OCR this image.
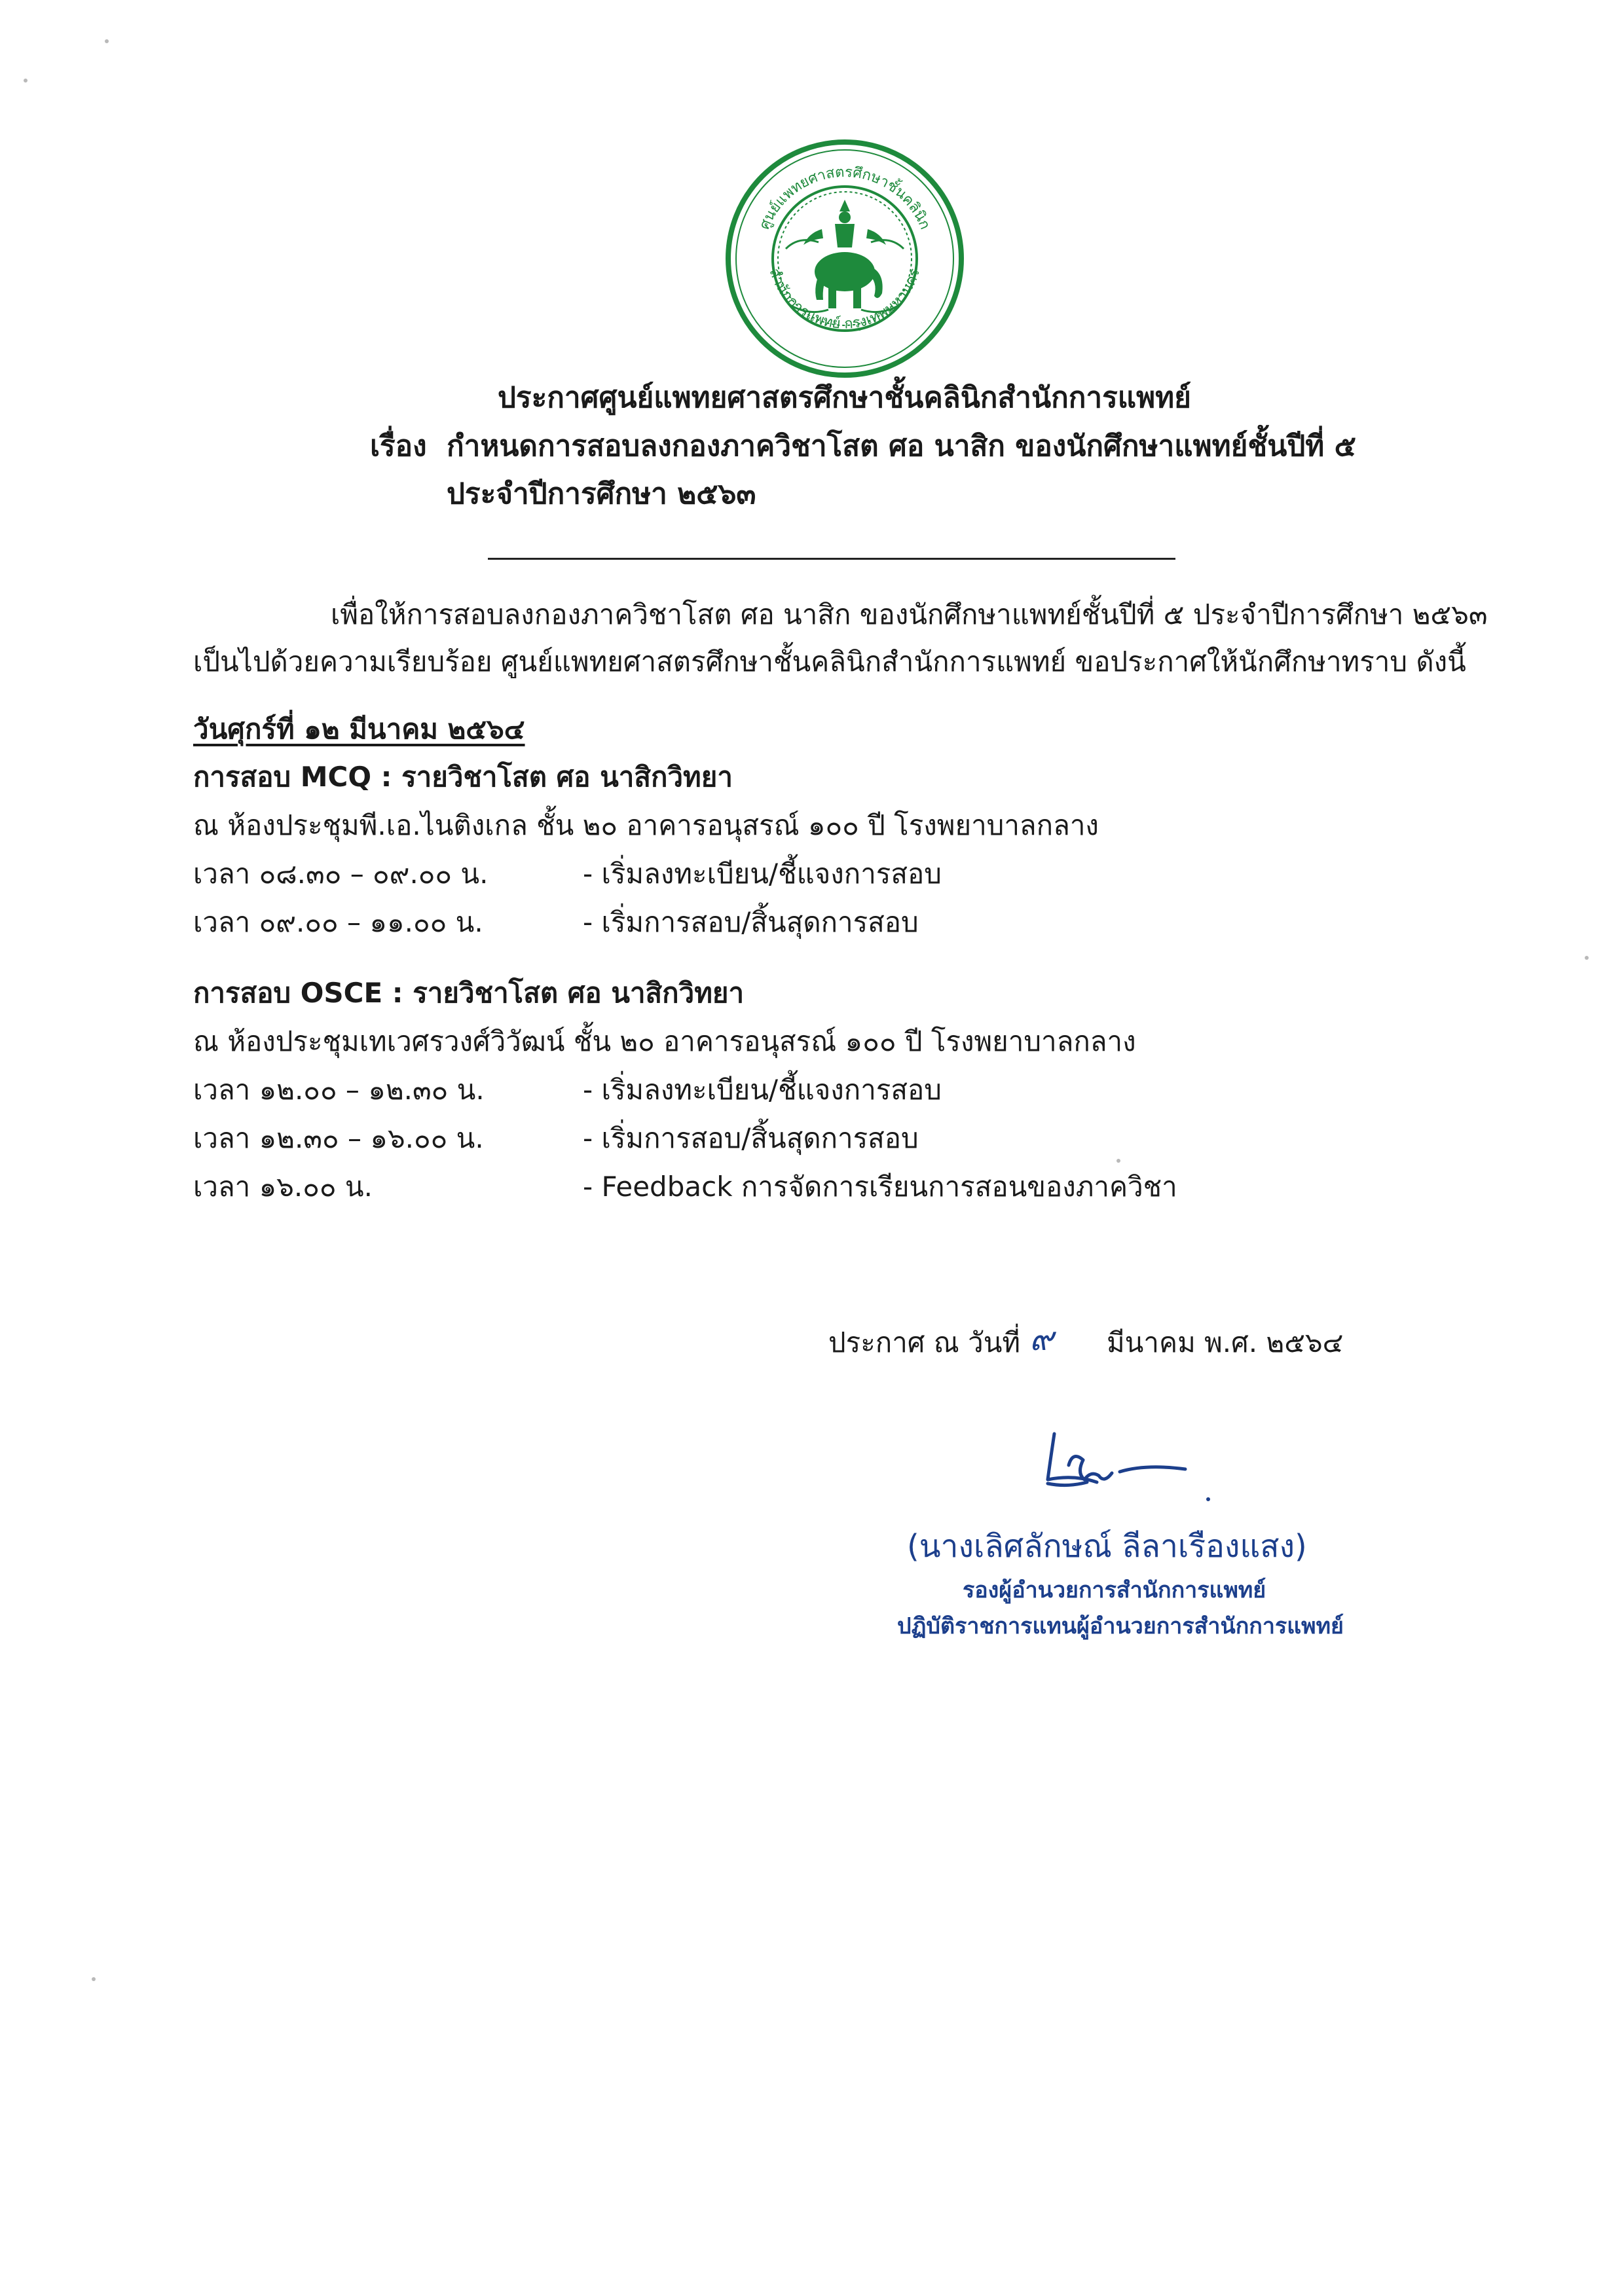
ศูนย์แพทยศาสตรศึกษาชั้นคลินิก
สำนักการแพทย์ กรุงเทพมหานคร
ประกาศศูนย์แพทยศาสตรศึกษาชั้นคลินิกสำนักการแพทย์
เรื่อง กำหนดการสอบลงกองภาควิชาโสต ศอ นาสิก ของนักศึกษาแพทย์ชั้นปีที่ ๕
ประจำปีการศึกษา ๒๕๖๓
เพื่อให้การสอบลงกองภาควิชาโสต ศอ นาสิก ของนักศึกษาแพทย์ชั้นปีที่ ๕ ประจำปีการศึกษา ๒๕๖๓
เป็นไปด้วยความเรียบร้อย ศูนย์แพทยศาสตรศึกษาชั้นคลินิกสำนักการแพทย์ ขอประกาศให้นักศึกษาทราบ ดังนี้
วันศุกร์ที่ ๑๒ มีนาคม ๒๕๖๔
การสอบ MCQ : รายวิชาโสต ศอ นาสิกวิทยา
ณ ห้องประชุมพี.เอ.ไนติงเกล ชั้น ๒๐ อาคารอนุสรณ์ ๑๐๐ ปี โรงพยาบาลกลาง
เวลา ๐๘.๓๐ – ๐๙.๐๐ น.	- เริ่มลงทะเบียน/ชี้แจงการสอบ
เวลา ๐๙.๐๐ – ๑๑.๐๐ น.	- เริ่มการสอบ/สิ้นสุดการสอบ
การสอบ OSCE : รายวิชาโสต ศอ นาสิกวิทยา
ณ ห้องประชุมเทเวศรวงศ์วิวัฒน์ ชั้น ๒๐ อาคารอนุสรณ์ ๑๐๐ ปี โรงพยาบาลกลาง
เวลา ๑๒.๐๐ – ๑๒.๓๐ น.	- เริ่มลงทะเบียน/ชี้แจงการสอบ
เวลา ๑๒.๓๐ – ๑๖.๐๐ น.	- เริ่มการสอบ/สิ้นสุดการสอบ
เวลา ๑๖.๐๐ น.	- Feedback การจัดการเรียนการสอนของภาควิชา
ประกาศ ณ วันที่ ๙ มีนาคม พ.ศ. ๒๕๖๔
(นางเลิศลักษณ์ ลีลาเรืองแสง)
รองผู้อำนวยการสำนักการแพทย์
ปฏิบัติราชการแทนผู้อำนวยการสำนักการแพทย์
